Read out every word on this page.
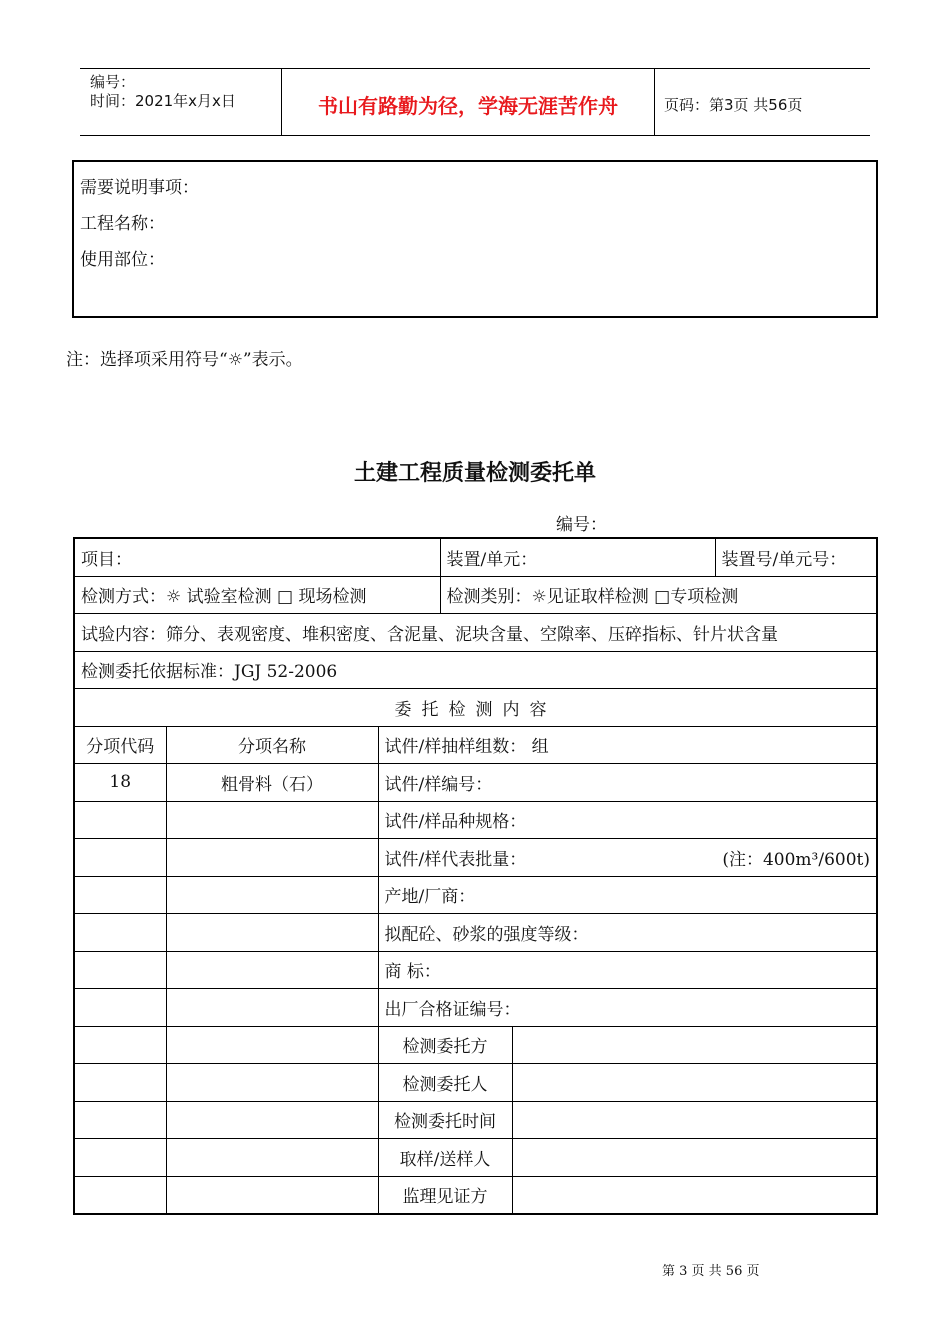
编号：
时间：2021年x月x日	书山有路勤为径，学海无涯苦作舟	页码：第3页 共56页
需要说明事项：
工程名称：
使用部位：
注：选择项采用符号“☼”表示。
土建工程质量检测委托单
编号：
项目：			装置/单元：		装置号/单元号：
检测方式：☼ 试验室检测 □ 现场检测			检测类别：☼见证取样检测 □专项检测		
试验内容：筛分、表观密度、堆积密度、含泥量、泥块含量、空隙率、压碎指标、针片状含量					
检测委托依据标准：JGJ 52-2006					
委托检测内容					
分项代码	分项名称	试件/样抽样组数： 组			
18	粗骨料（石）	试件/样编号：			
		试件/样品种规格：			
		试件/样代表批量： (注：400m³/600t)			

		产地/厂商：			
		拟配砼、砂浆的强度等级：			
		商 标：			
		出厂合格证编号：			
		检测委托方			
		检测委托人			
		检测委托时间			
		取样/送样人			
		监理见证方			
第 3 页 共 56 页
